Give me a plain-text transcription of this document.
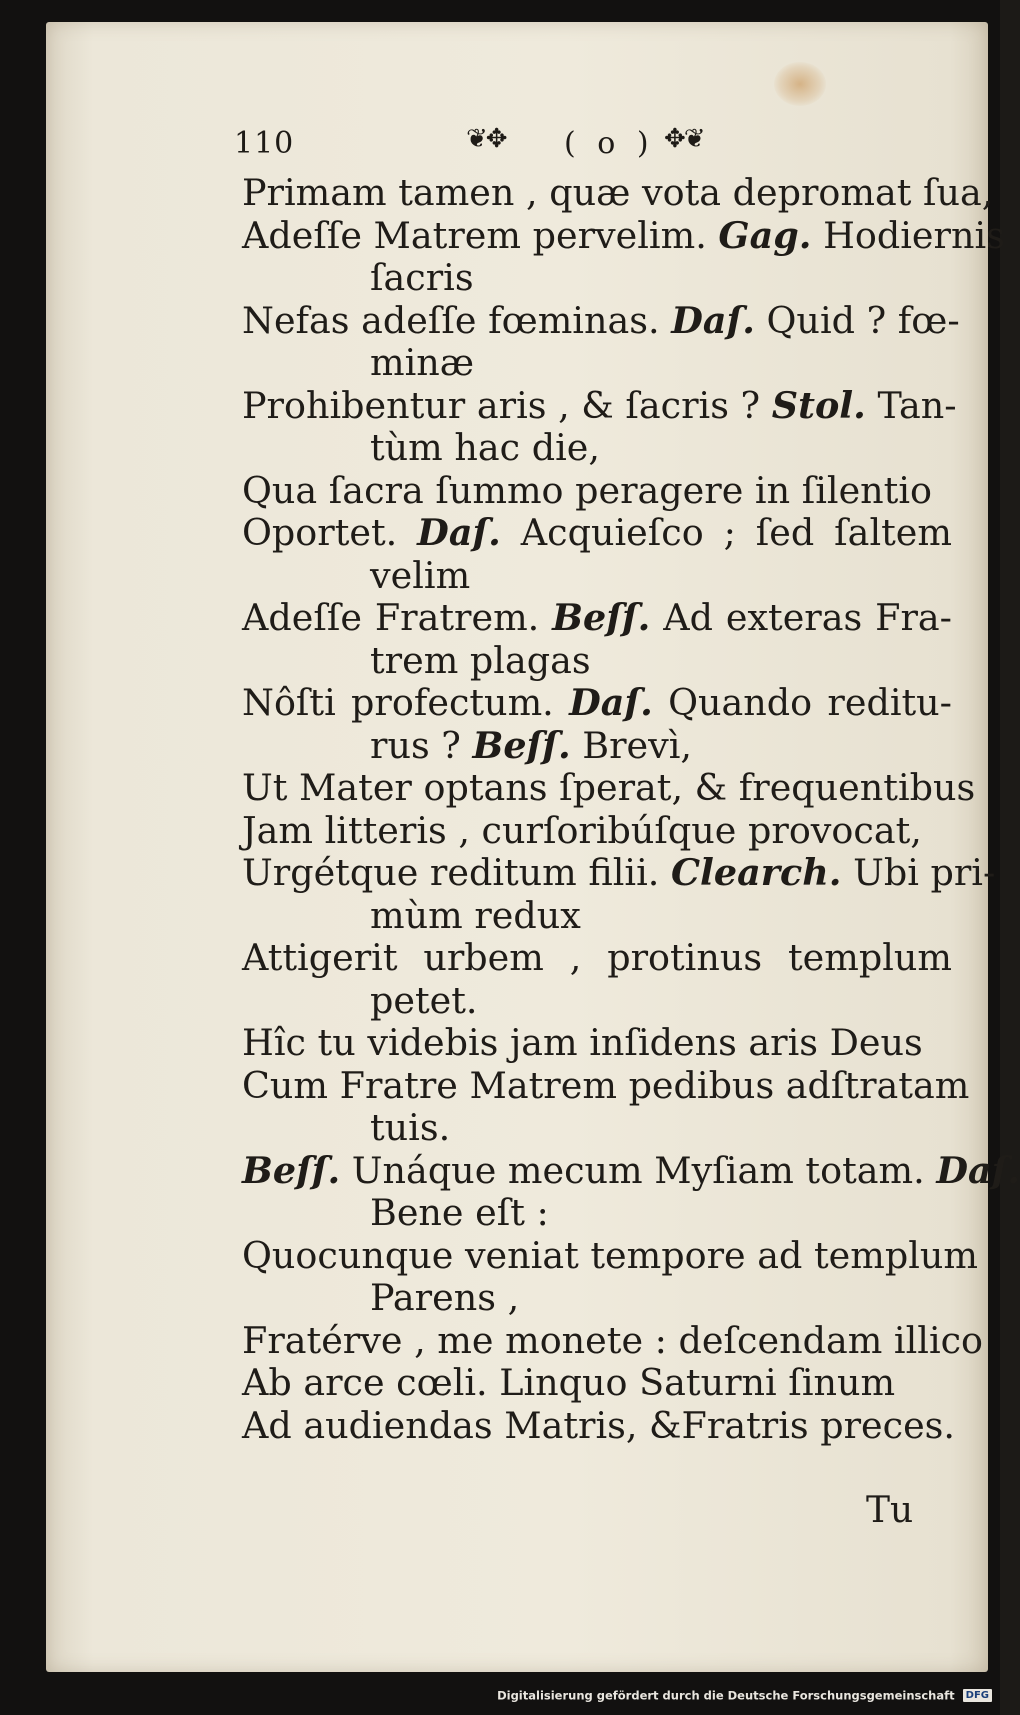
110	❦✥ ( o ) ✥❦
Primam tamen , quæ vota depromat ſua,
Adeſſe Matrem pervelim. Gag. Hodiernis
ſacris
Nefas adeſſe fœminas. Daſ. Quid ? fœ-
minæ
Prohibentur aris , & ſacris ? Stol. Tan-
tùm hac die,
Qua ſacra ſummo peragere in ſilentio
Oportet. Daſ. Acquieſco ; ſed ſaltem
velim
Adeſſe Fratrem. Beſſ. Ad exteras Fra-
trem plagas
Nôſti profectum. Daſ. Quando reditu-
rus ? Beſſ. Brevì,
Ut Mater optans ſperat, & frequentibus
Jam litteris , curſoribúſque provocat,
Urgétque reditum filii. Clearch. Ubi pri-
mùm redux
Attigerit urbem , protinus templum
petet.
Hîc tu videbis jam inſidens aris Deus
Cum Fratre Matrem pedibus adſtratam
tuis.
Beſſ. Unáque mecum Myſiam totam. Daſ.
Bene eſt :
Quocunque veniat tempore ad templum
Parens ,
Fratérve , me monete : deſcendam illico
Ab arce cœli. Linquo Saturni ſinum
Ad audiendas Matris, &Fratris preces.
Tu
Digitalisierung gefördert durch die Deutsche Forschungsgemeinschaft DFG
